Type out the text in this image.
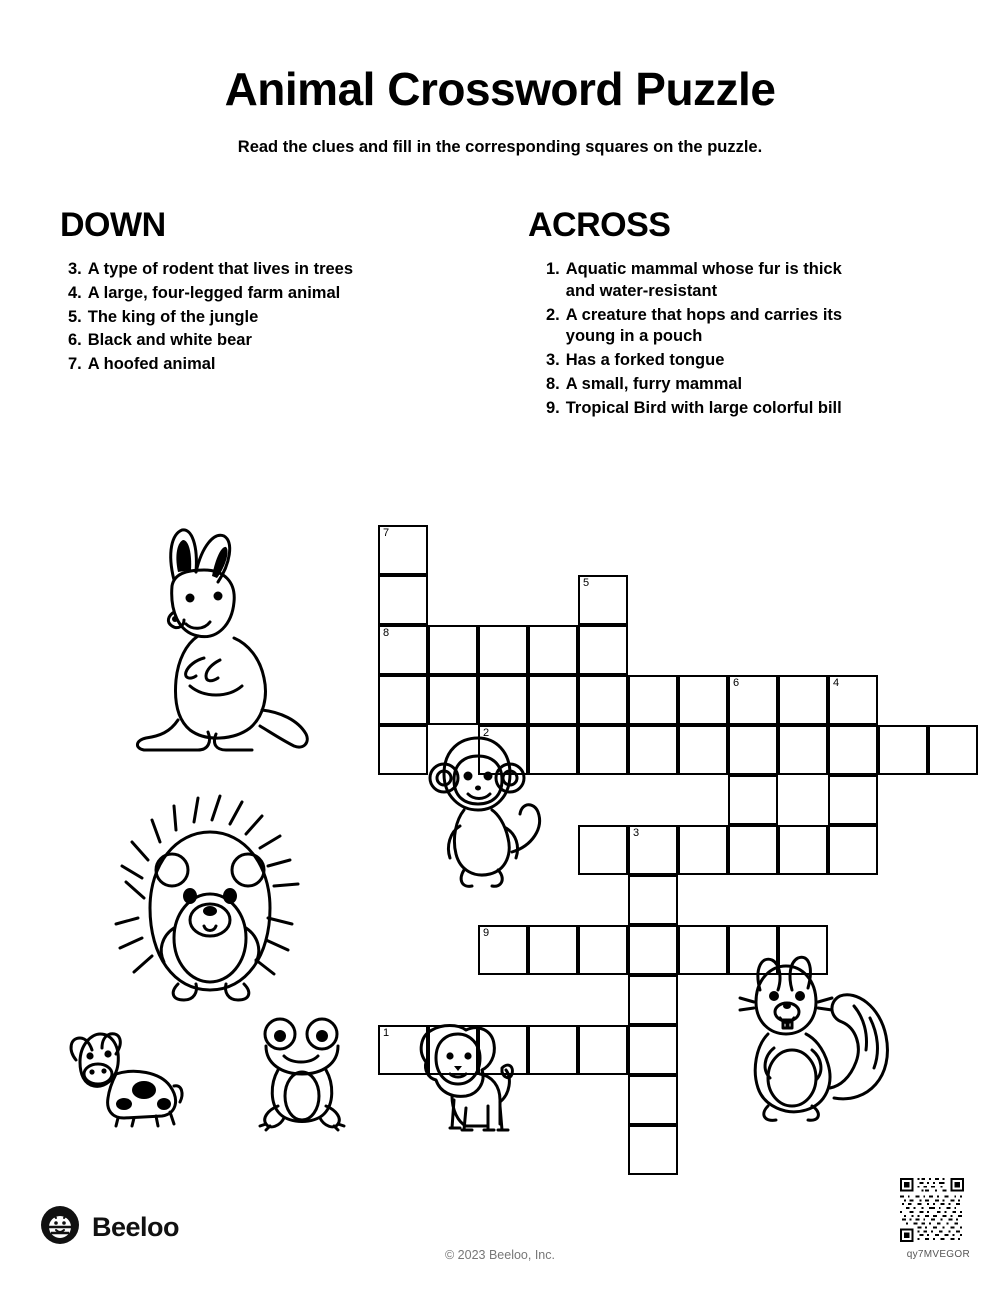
Animal Crossword Puzzle

Read the clues and fill in the corresponding squares on the puzzle.

DOWN
3. A type of rodent that lives in trees
4. A large, four-legged farm animal
5. The king of the jungle
6. Black and white bear
7. A hoofed animal
ACROSS
1. Aquatic mammal whose fur is thick and water-resistant
2. A creature that hops and carries its young in a pouch
3. Has a forked tongue
8. A small, furry mammal
9. Tropical Bird with large colorful bill
7
8
5
6	4
2
3
9
1
Beeloo
© 2023 Beeloo, Inc.	qy7MVEGOR
